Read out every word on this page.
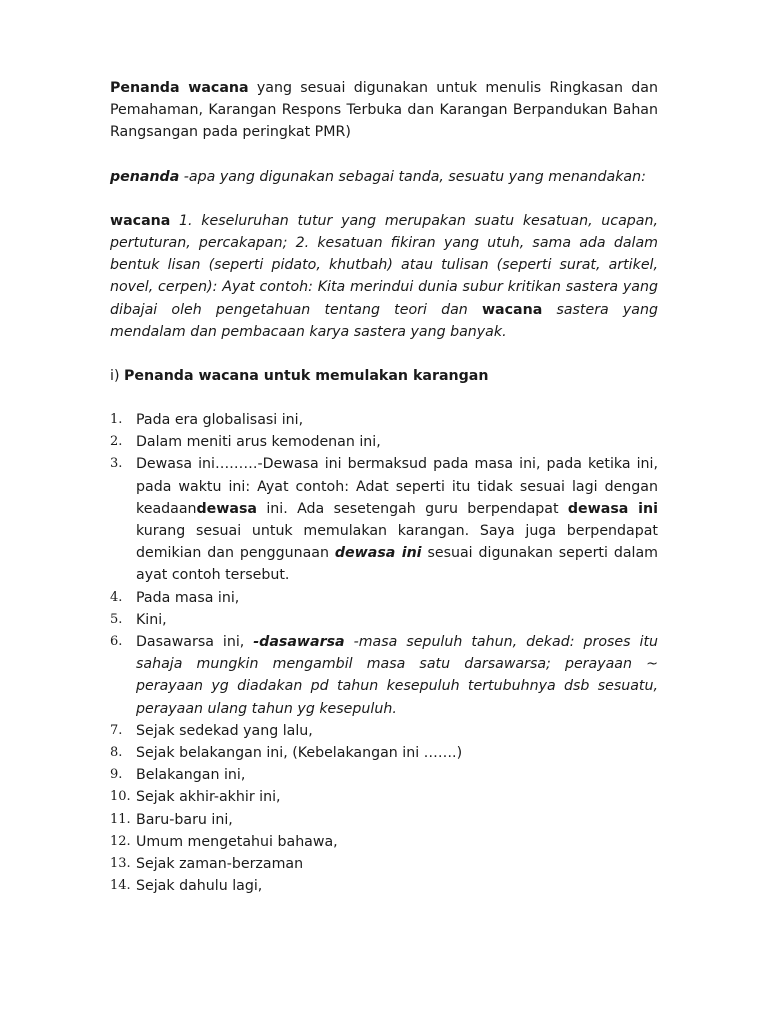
Penanda wacana yang sesuai digunakan untuk menulis Ringkasan dan Pemahaman, Karangan Respons Terbuka dan Karangan Berpandukan Bahan Rangsangan pada peringkat PMR)

penanda -apa yang digunakan sebagai tanda, sesuatu yang menandakan:

wacana 1. keseluruhan tutur yang merupakan suatu kesatuan, ucapan, pertuturan, percakapan; 2. kesatuan fikiran yang utuh, sama ada dalam bentuk lisan (seperti pidato, khutbah) atau tulisan (seperti surat, artikel, novel, cerpen): Ayat contoh: Kita merindui dunia subur kritikan sastera yang dibajai oleh pengetahuan tentang teori dan wacana sastera yang mendalam dan pembacaan karya sastera yang banyak.

i) Penanda wacana untuk memulakan karangan

1. Pada era globalisasi ini,
2. Dalam meniti arus kemodenan ini,
3. Dewasa ini………-Dewasa ini bermaksud pada masa ini, pada ketika ini, pada waktu ini: Ayat contoh: Adat seperti itu tidak sesuai lagi dengan keadaandewasa ini. Ada sesetengah guru berpendapat dewasa ini kurang sesuai untuk memulakan karangan. Saya juga berpendapat demikian dan penggunaan dewasa ini sesuai digunakan seperti dalam ayat contoh tersebut.
4. Pada masa ini,
5. Kini,
6. Dasawarsa ini, -dasawarsa -masa sepuluh tahun, dekad: proses itu sahaja mungkin mengambil masa satu darsawarsa; perayaan ~ perayaan yg diadakan pd tahun kesepuluh tertubuhnya dsb sesuatu, perayaan ulang tahun yg kesepuluh.
7. Sejak sedekad yang lalu,
8. Sejak belakangan ini, (Kebelakangan ini …….)
9. Belakangan ini,
10. Sejak akhir-akhir ini,
11. Baru-baru ini,
12. Umum mengetahui bahawa,
13. Sejak zaman-berzaman
14. Sejak dahulu lagi,
